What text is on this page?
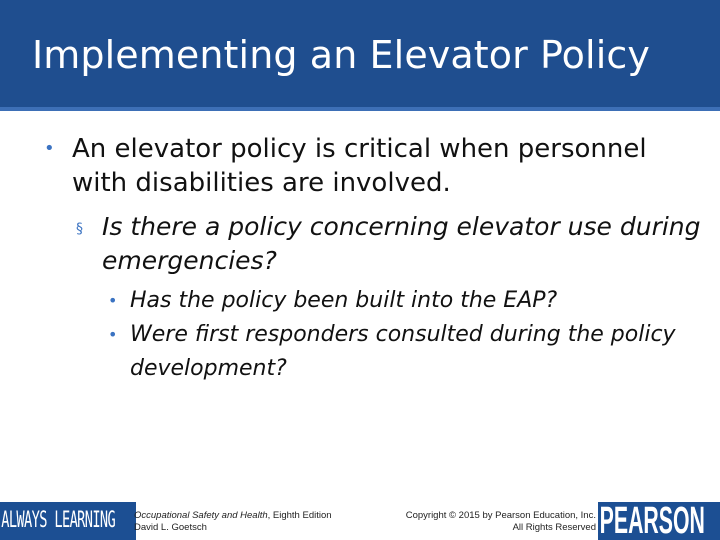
Implementing an Elevator Policy
• An elevator policy is critical when personnel with disabilities are involved.
§ Is there a policy concerning elevator use during emergencies?
• Has the policy been built into the EAP?
• Were first responders consulted during the policy development?
ALWAYS LEARNING	Occupational Safety and Health, Eighth Edition
David L. Goetsch
Copyright © 2015 by Pearson Education, Inc.
All Rights Reserved PEARSON
